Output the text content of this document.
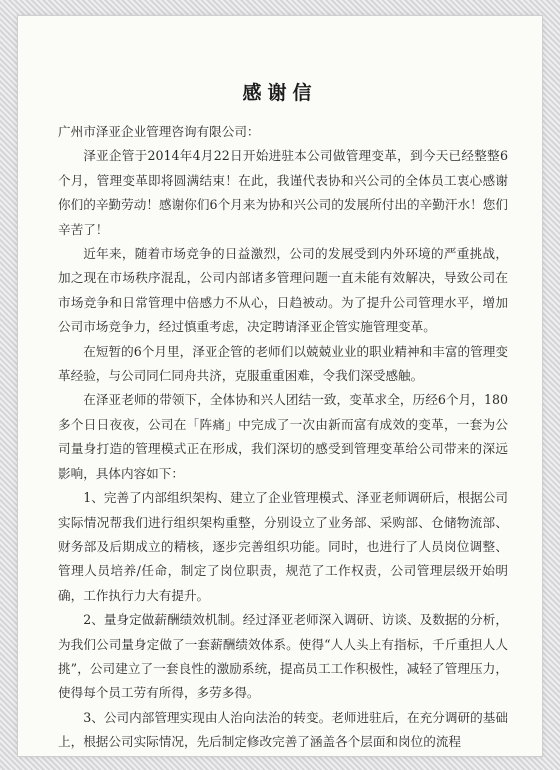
感谢信

广州市泽亚企业管理咨询有限公司：

泽亚企管于2014年4月22日开始进驻本公司做管理变革，到今天已经整整6个月，管理变革即将圆满结束！在此，我谨代表协和兴公司的全体员工衷心感谢你们的辛勤劳动！感谢你们6个月来为协和兴公司的发展所付出的辛勤汗水！您们辛苦了！

近年来，随着市场竞争的日益激烈，公司的发展受到内外环境的严重挑战，加之现在市场秩序混乱，公司内部诸多管理问题一直未能有效解决，导致公司在市场竞争和日常管理中倍感力不从心，日趋被动。为了提升公司管理水平，增加公司市场竞争力，经过慎重考虑，决定聘请泽亚企管实施管理变革。

在短暂的6个月里，泽亚企管的老师们以兢兢业业的职业精神和丰富的管理变革经验，与公司同仁同舟共济，克服重重困难，令我们深受感触。

在泽亚老师的带领下，全体协和兴人团结一致，变革求全，历经6个月，180多个日日夜夜，公司在「阵痛」中完成了一次由新而富有成效的变革，一套为公司量身打造的管理模式正在形成，我们深切的感受到管理变革给公司带来的深远影响，具体内容如下：

1、完善了内部组织架构、建立了企业管理模式、泽亚老师调研后，根据公司实际情况帮我们进行组织架构重整，分别设立了业务部、采购部、仓储物流部、财务部及后期成立的精核，逐步完善组织功能。同时，也进行了人员岗位调整、管理人员培养/任命，制定了岗位职责，规范了工作权责，公司管理层级开始明确，工作执行力大有提升。

2、量身定做薪酬绩效机制。经过泽亚老师深入调研、访谈、及数据的分析，为我们公司量身定做了一套薪酬绩效体系。使得“人人头上有指标，千斤重担人人挑”，公司建立了一套良性的激励系统，提高员工工作积极性，减轻了管理压力，使得每个员工劳有所得，多劳多得。

3、公司内部管理实现由人治向法治的转变。老师进驻后，在充分调研的基础上，根据公司实际情况，先后制定修改完善了涵盖各个层面和岗位的流程
